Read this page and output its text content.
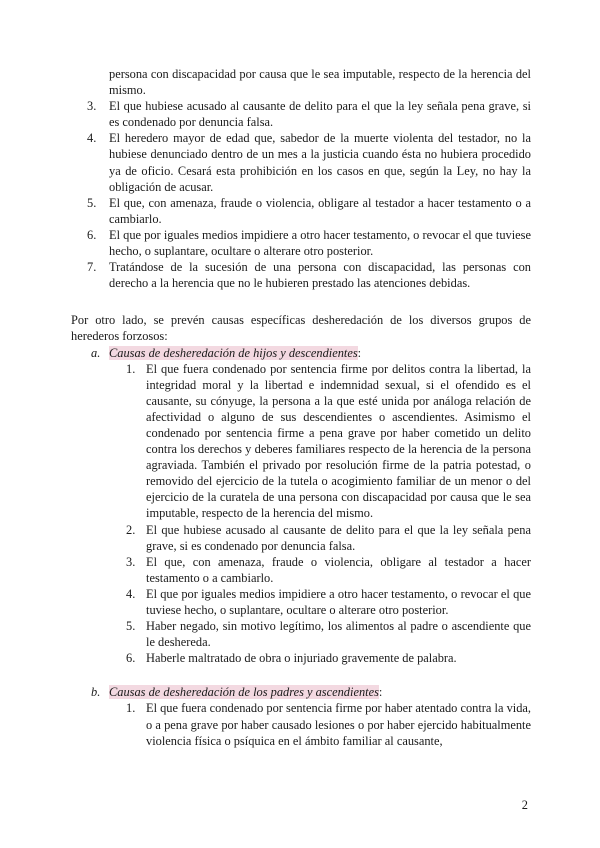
persona con discapacidad por causa que le sea imputable, respecto de la herencia del mismo.

3. El que hubiese acusado al causante de delito para el que la ley señala pena grave, si es condenado por denuncia falsa.
4. El heredero mayor de edad que, sabedor de la muerte violenta del testador, no la hubiese denunciado dentro de un mes a la justicia cuando ésta no hubiera procedido ya de oficio. Cesará esta prohibición en los casos en que, según la Ley, no hay la obligación de acusar.
5. El que, con amenaza, fraude o violencia, obligare al testador a hacer testamento o a cambiarlo.
6. El que por iguales medios impidiere a otro hacer testamento, o revocar el que tuviese hecho, o suplantare, ocultare o alterare otro posterior.
7. Tratándose de la sucesión de una persona con discapacidad, las personas con derecho a la herencia que no le hubieren prestado las atenciones debidas.

Por otro lado, se prevén causas específicas desheredación de los diversos grupos de herederos forzosos:

a. Causas de desheredación de hijos y descendientes:
1. El que fuera condenado por sentencia firme por delitos contra la libertad, la integridad moral y la libertad e indemnidad sexual, si el ofendido es el causante, su cónyuge, la persona a la que esté unida por análoga relación de afectividad o alguno de sus descendientes o ascendientes. Asimismo el condenado por sentencia firme a pena grave por haber cometido un delito contra los derechos y deberes familiares respecto de la herencia de la persona agraviada. También el privado por resolución firme de la patria potestad, o removido del ejercicio de la tutela o acogimiento familiar de un menor o del ejercicio de la curatela de una persona con discapacidad por causa que le sea imputable, respecto de la herencia del mismo.
2. El que hubiese acusado al causante de delito para el que la ley señala pena grave, si es condenado por denuncia falsa.
3. El que, con amenaza, fraude o violencia, obligare al testador a hacer testamento o a cambiarlo.
4. El que por iguales medios impidiere a otro hacer testamento, o revocar el que tuviese hecho, o suplantare, ocultare o alterare otro posterior.
5. Haber negado, sin motivo legítimo, los alimentos al padre o ascendiente que le deshereda.
6. Haberle maltratado de obra o injuriado gravemente de palabra.
b. Causas de desheredación de los padres y ascendientes:
1. El que fuera condenado por sentencia firme por haber atentado contra la vida, o a pena grave por haber causado lesiones o por haber ejercido habitualmente violencia física o psíquica en el ámbito familiar al causante,
2
